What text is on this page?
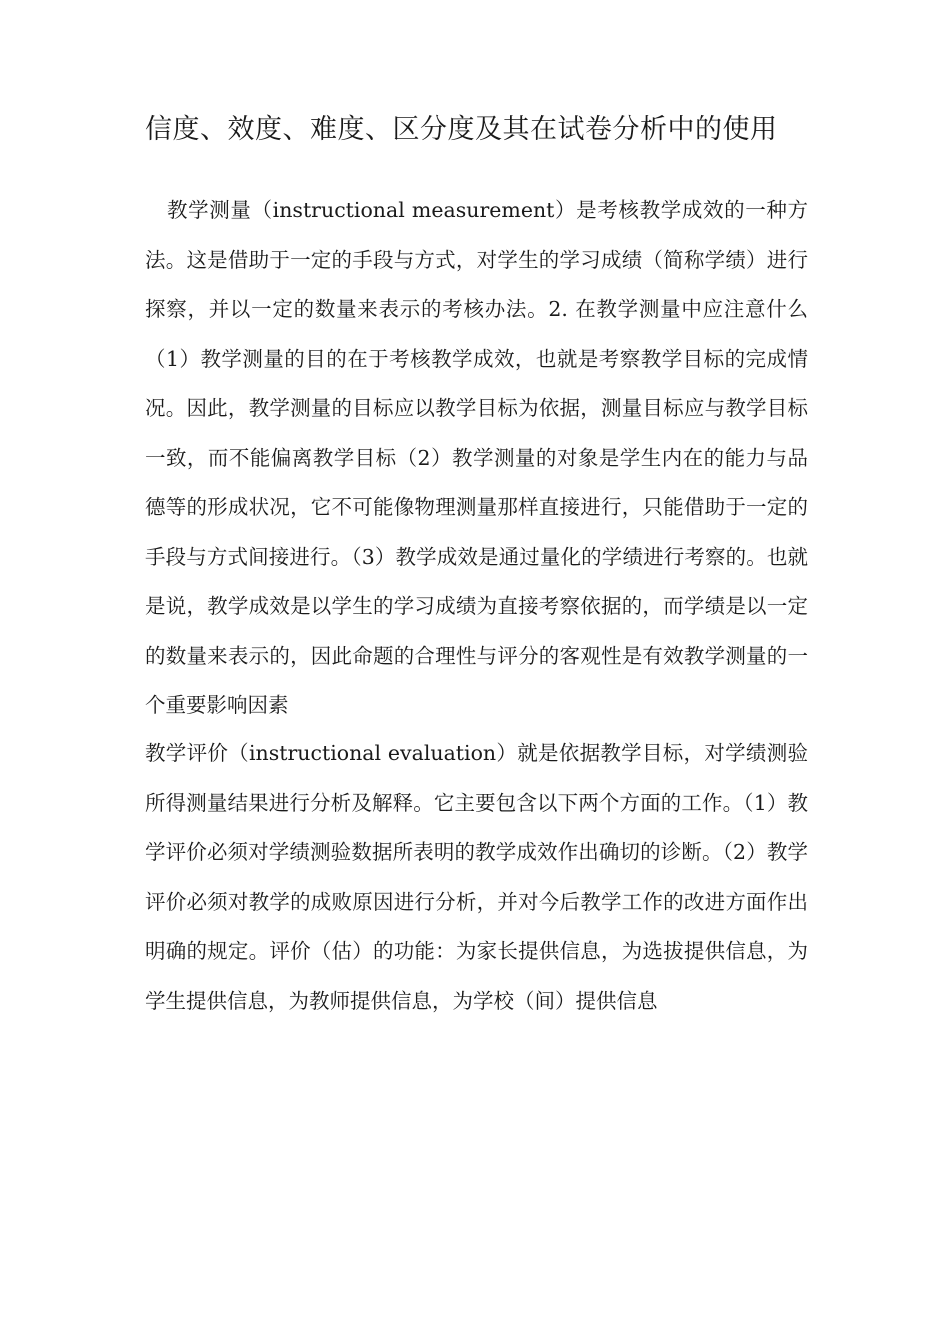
信度、效度、难度、区分度及其在试卷分析中的使用

教学测量（instructional measurement）是考核教学成效的一种方法。这是借助于一定的手段与方式，对学生的学习成绩（简称学绩）进行探察，并以一定的数量来表示的考核办法。2. 在教学测量中应注意什么（1）教学测量的目的在于考核教学成效，也就是考察教学目标的完成情况。因此，教学测量的目标应以教学目标为依据，测量目标应与教学目标一致，而不能偏离教学目标（2）教学测量的对象是学生内在的能力与品德等的形成状况，它不可能像物理测量那样直接进行，只能借助于一定的手段与方式间接进行。（3）教学成效是通过量化的学绩进行考察的。也就是说，教学成效是以学生的学习成绩为直接考察依据的，而学绩是以一定的数量来表示的，因此命题的合理性与评分的客观性是有效教学测量的一个重要影响因素

教学评价（instructional evaluation）就是依据教学目标，对学绩测验所得测量结果进行分析及解释。它主要包含以下两个方面的工作。（1）教学评价必须对学绩测验数据所表明的教学成效作出确切的诊断。（2）教学评价必须对教学的成败原因进行分析，并对今后教学工作的改进方面作出明确的规定。评价（估）的功能：为家长提供信息，为选拔提供信息，为学生提供信息，为教师提供信息，为学校（间）提供信息
